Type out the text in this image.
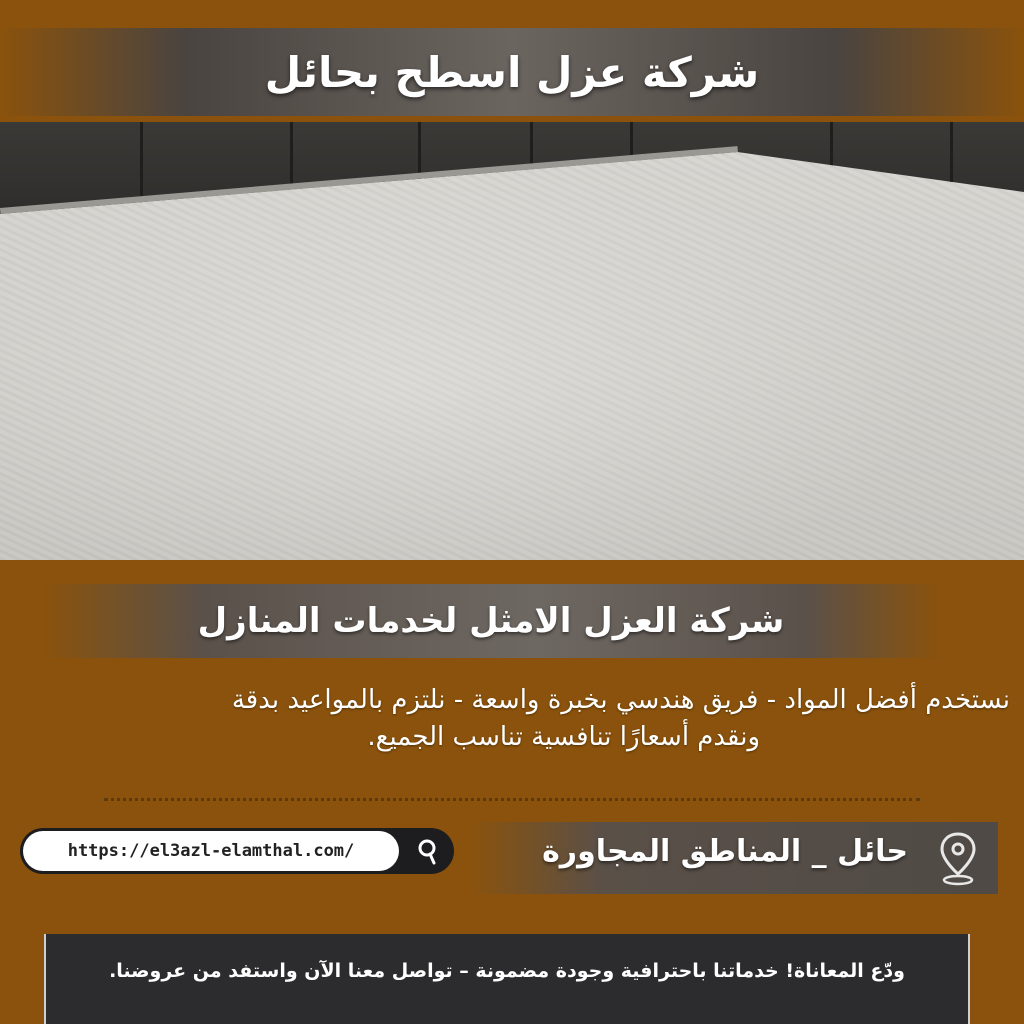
شركة عزل اسطح بحائل
شركة العزل الامثل لخدمات المنازل
نستخدم أفضل المواد - فريق هندسي بخبرة واسعة - نلتزم بالمواعيد بدقة
ونقدم أسعارًا تنافسية تناسب الجميع.
https://el3azl-elamthal.com/	حائل _ المناطق المجاورة
ودّع المعاناة! خدماتنا باحترافية وجودة مضمونة – تواصل معنا الآن واستفد من عروضنا.
